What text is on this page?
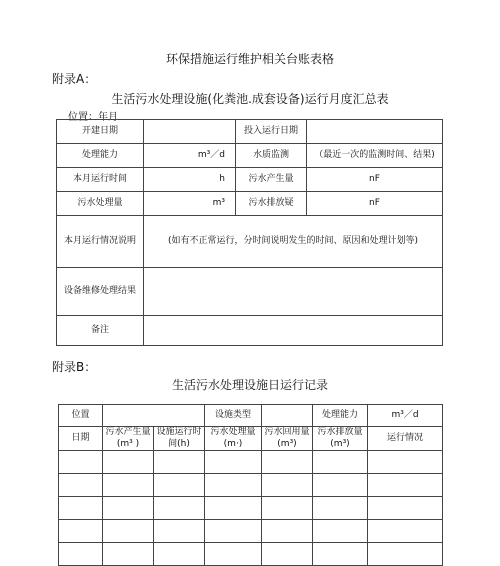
环保措施运行维护相关台账表格
附录A：
生活污水处理设施(化粪池.成套设备)运行月度汇总表
位置：年月
开建日期		投入运行日期	
处理能力	m³／d	水质监测	（最近一次的监测时间、结果)
本月运行时间	h	污水产生量	nF
污水处理量	m³	污水排放疑	nF
本月运行情况说明	(如有不正常运行，分时间说明发生的时间、原因和处理计划等)		
设备维修处理结果			
备注			
附录B：
生活污水处理设施日运行记录
位置			设施类型		处理能力	m³／d
日期	污水产生量(m³ )	设施运行时间(h)	污水处理量(m·)	污水回用量(m³)	污水排放量(m³)	运行情况
